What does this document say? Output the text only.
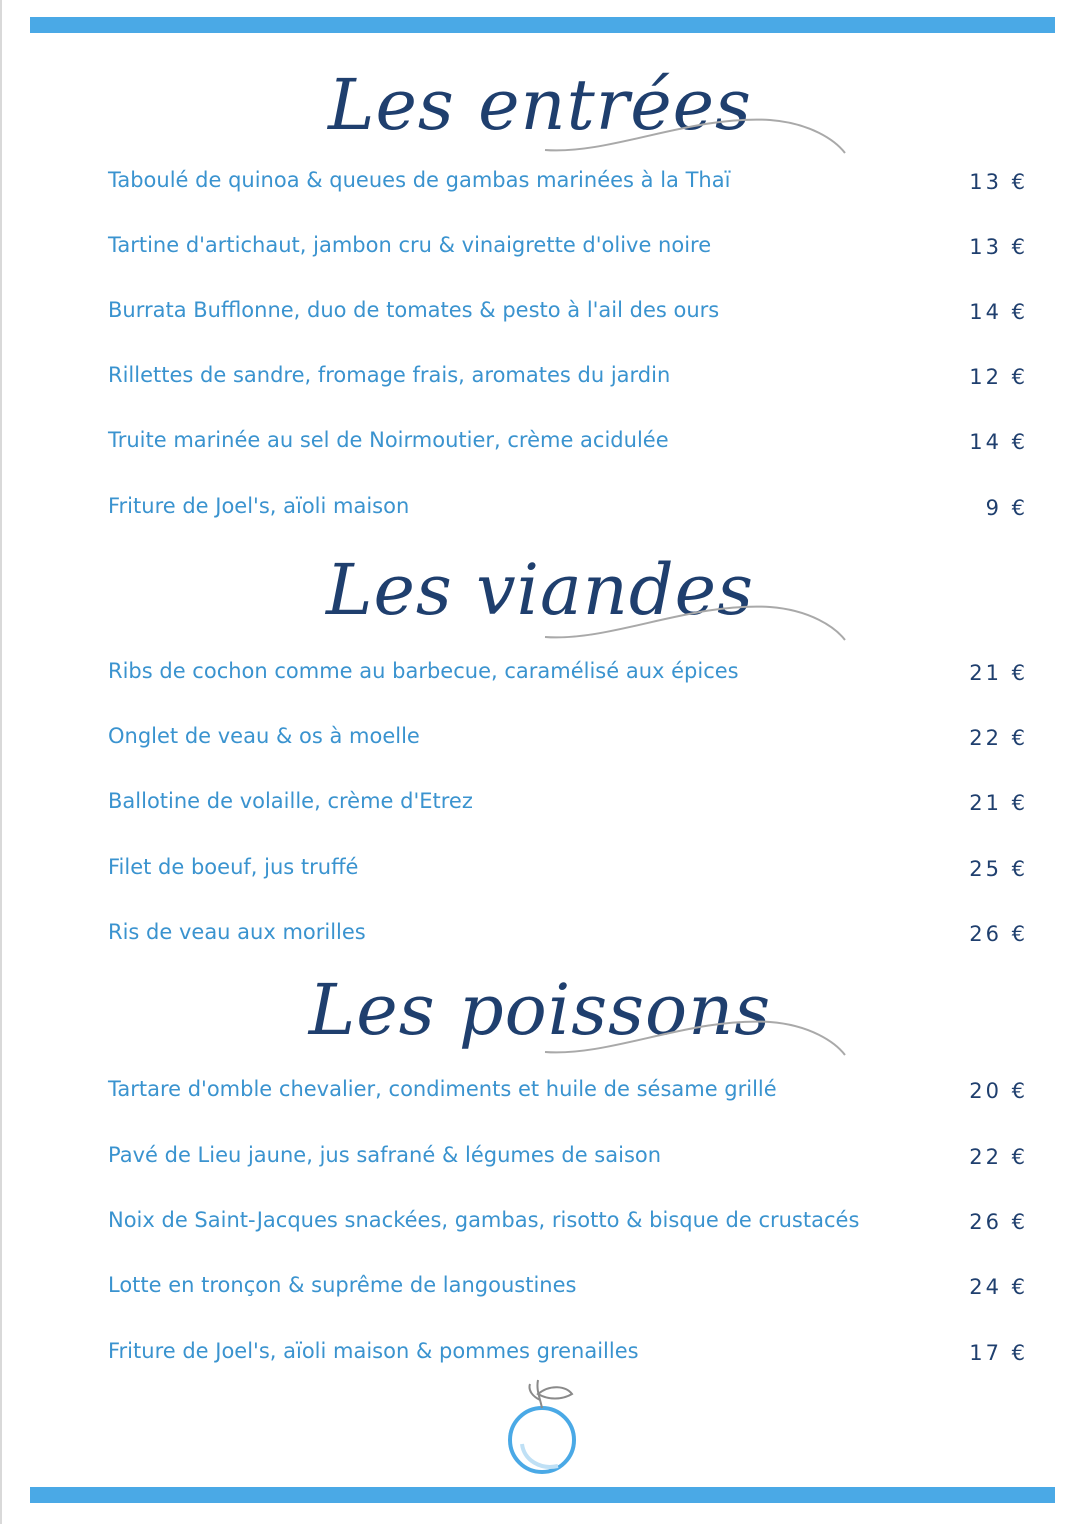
Les entrées
Taboulé de quinoa & queues de gambas marinées à la Thaï	13 €
Tartine d'artichaut, jambon cru & vinaigrette d'olive noire	13 €
Burrata Bufflonne, duo de tomates & pesto à l'ail des ours	14 €
Rillettes de sandre, fromage frais, aromates du jardin	12 €
Truite marinée au sel de Noirmoutier, crème acidulée	14 €
Friture de Joel's, aïoli maison	9 €
Les viandes
Ribs de cochon comme au barbecue, caramélisé aux épices	21 €
Onglet de veau & os à moelle	22 €
Ballotine de volaille, crème d'Etrez	21 €
Filet de boeuf, jus truffé	25 €
Ris de veau aux morilles	26 €
Les poissons
Tartare d'omble chevalier, condiments et huile de sésame grillé	20 €
Pavé de Lieu jaune, jus safrané & légumes de saison	22 €
Noix de Saint-Jacques snackées, gambas, risotto & bisque de crustacés	26 €
Lotte en tronçon & suprême de langoustines	24 €
Friture de Joel's, aïoli maison & pommes grenailles	17 €
